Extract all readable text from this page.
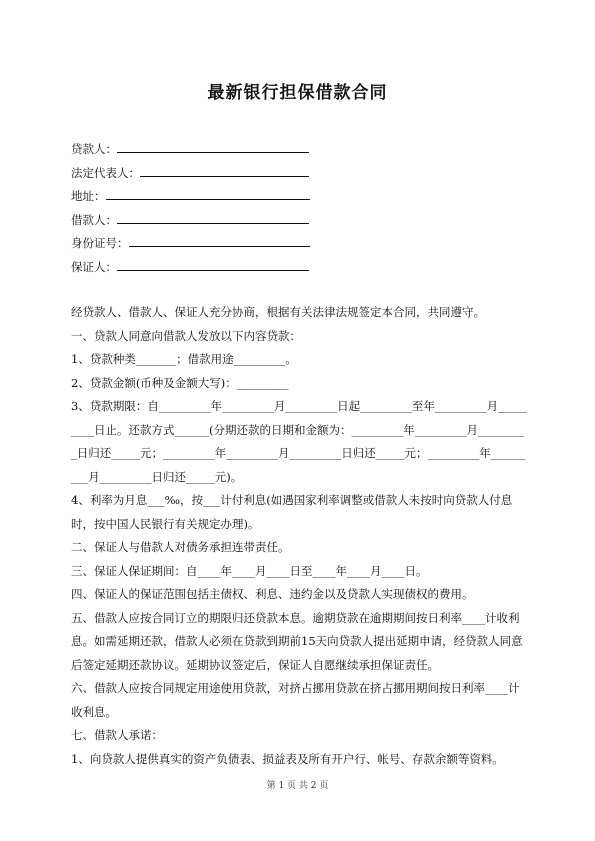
最新银行担保借款合同
贷款人：
法定代表人：
地址：
借款人：
身份证号：
保证人：

经贷款人、借款人、保证人充分协商，根据有关法律法规签定本合同，共同遵守。

一、贷款人同意向借款人发放以下内容贷款：

1、贷款种类_______；借款用途_________。

2、贷款金额(币种及金额大写)：_________

3、贷款期限：自_________年_________月_________日起_________至年_________月_________日止。还款方式______(分期还款的日期和金额为：_________年_________月_________日归还_____元；_________年_________月_________日归还_____元；_________年_________月_________日归还_____元)。

4、利率为月息___‰，按___计付利息(如遇国家利率调整或借款人未按时向贷款人付息时，按中国人民银行有关规定办理)。

二、保证人与借款人对债务承担连带责任。

三、保证人保证期间：自____年____月____日至____年____月____日。

四、保证人的保证范围包括主债权、利息、违约金以及贷款人实现债权的费用。

五、借款人应按合同订立的期限归还贷款本息。逾期贷款在逾期期间按日利率____计收利息。如需延期还款，借款人必须在贷款到期前15天向贷款人提出延期申请，经贷款人同意后签定延期还款协议。延期协议签定后，保证人自愿继续承担保证责任。

六、借款人应按合同规定用途使用贷款，对挤占挪用贷款在挤占挪用期间按日利率____计收利息。

七、借款人承诺：

1、向贷款人提供真实的资产负债表、损益表及所有开户行、帐号、存款余额等资料。

第 1 页 共 2 页
